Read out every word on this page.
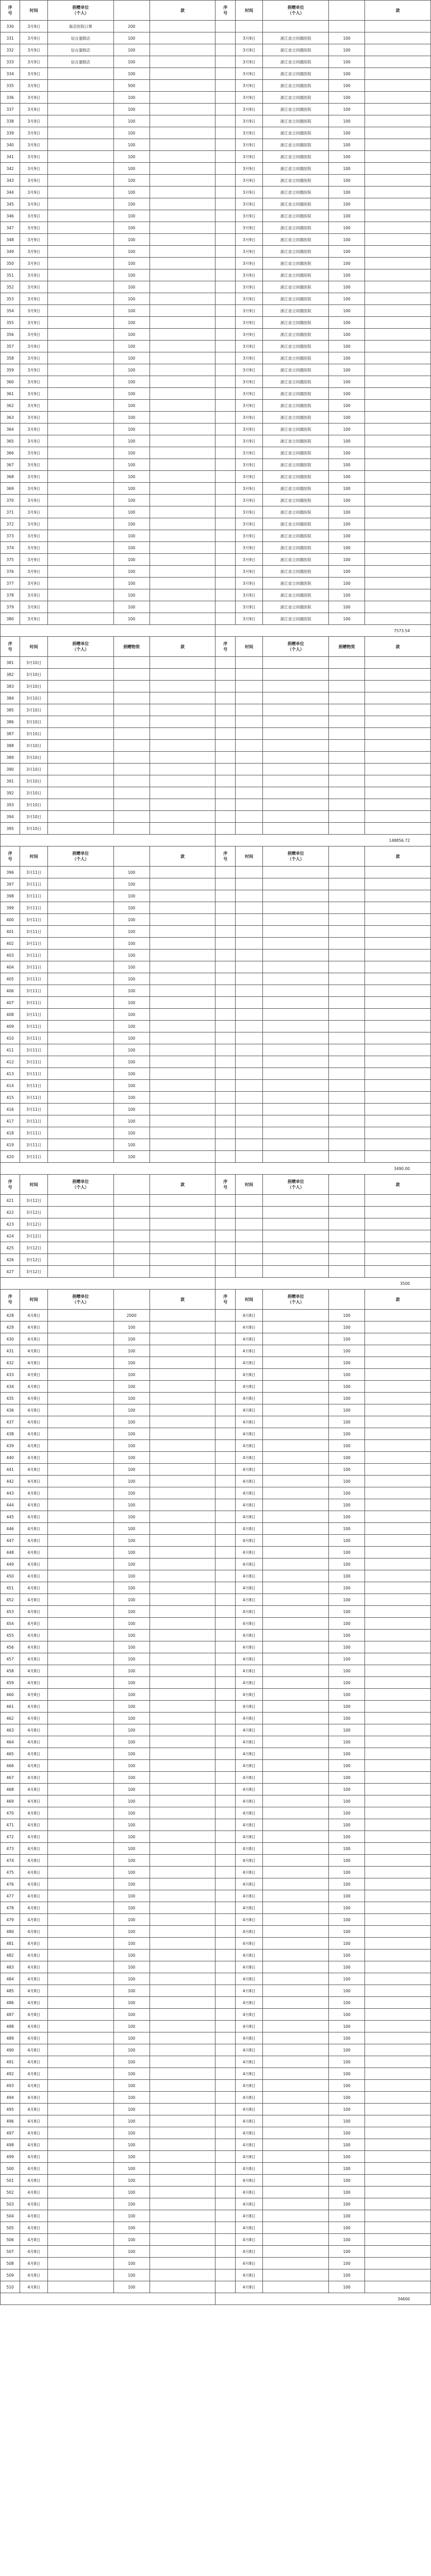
序
号	时间	捐赠单位
（个人）		款	序
号	时间	捐赠单位
（个人）		款
330	3月9日	海京医院口罩	200						
331	3月9日	信言蛋糕店	100			3月9日	浙江省立同德医院	100	
332	3月9日	信言蛋糕店	100			3月9日	浙江省立同德医院	100	
333	3月9日	信言蛋糕店	100			3月9日	浙江省立同德医院	100	
334	3月9日		100			3月9日	浙江省立同德医院	100	
335	3月9日		500			3月9日	浙江省立同德医院	100	
336	3月9日		100			3月9日	浙江省立同德医院	100	
337	3月9日		100			3月9日	浙江省立同德医院	100	
338	3月9日		100			3月9日	浙江省立同德医院	100	
339	3月9日		100			3月9日	浙江省立同德医院	100	
340	3月9日		100			3月9日	浙江省立同德医院	100	
341	3月9日		100			3月9日	浙江省立同德医院	100	
342	3月9日		100			3月9日	浙江省立同德医院	100	
343	3月9日		100			3月9日	浙江省立同德医院	100	
344	3月9日		100			3月9日	浙江省立同德医院	100	
345	3月9日		100			3月9日	浙江省立同德医院	100	
346	3月9日		100			3月9日	浙江省立同德医院	100	
347	3月9日		100			3月9日	浙江省立同德医院	100	
348	3月9日		100			3月9日	浙江省立同德医院	100	
349	3月9日		100			3月9日	浙江省立同德医院	100	
350	3月9日		100			3月9日	浙江省立同德医院	100	
351	3月9日		100			3月9日	浙江省立同德医院	100	
352	3月9日		100			3月9日	浙江省立同德医院	100	
353	3月9日		100			3月9日	浙江省立同德医院	100	
354	3月9日		100			3月9日	浙江省立同德医院	100	
355	3月9日		100			3月9日	浙江省立同德医院	100	
356	3月9日		100			3月9日	浙江省立同德医院	100	
357	3月9日		100			3月9日	浙江省立同德医院	100	
358	3月9日		100			3月9日	浙江省立同德医院	100	
359	3月9日		100			3月9日	浙江省立同德医院	100	
360	3月9日		100			3月9日	浙江省立同德医院	100	
361	3月9日		100			3月9日	浙江省立同德医院	100	
362	3月9日		100			3月9日	浙江省立同德医院	100	
363	3月9日		100			3月9日	浙江省立同德医院	100	
364	3月9日		100			3月9日	浙江省立同德医院	100	
365	3月9日		100			3月9日	浙江省立同德医院	100	
366	3月9日		100			3月9日	浙江省立同德医院	100	
367	3月9日		100			3月9日	浙江省立同德医院	100	
368	3月9日		100			3月9日	浙江省立同德医院	100	
369	3月9日		100			3月9日	浙江省立同德医院	100	
370	3月9日		100			3月9日	浙江省立同德医院	100	
371	3月9日		100			3月9日	浙江省立同德医院	100	
372	3月9日		100			3月9日	浙江省立同德医院	100	
373	3月9日		100			3月9日	浙江省立同德医院	100	
374	3月9日		100			3月9日	浙江省立同德医院	100	
375	3月9日		100			3月9日	浙江省立同德医院	100	
376	3月9日		100			3月9日	浙江省立同德医院	100	
377	3月9日		100			3月9日	浙江省立同德医院	100	
378	3月9日		100			3月9日	浙江省立同德医院	100	
379	3月9日		100			3月9日	浙江省立同德医院	100	
380	3月9日		100			3月9日	浙江省立同德医院	100	
					7573.54				
序
号	时间	捐赠单位
（个人）	捐赠物资	款	序
号	时间	捐赠单位
（个人）	捐赠物资	款
381	3月10日								
382	3月10日								
383	3月10日								
384	3月10日								
385	3月10日								
386	3月10日								
387	3月10日								
388	3月10日								
389	3月10日								
390	3月10日								
391	3月10日								
392	3月10日								
393	3月10日								
394	3月10日								
395	3月10日								
					148856.72				
序
号	时间	捐赠单位
（个人）		款	序
号	时间	捐赠单位
（个人）		款
396	3月11日		100						
397	3月11日		100						
398	3月11日		100						
399	3月11日		100						
400	3月11日		100						
401	3月11日		100						
402	3月11日		100						
403	3月11日		100						
404	3月11日		100						
405	3月11日		100						
406	3月11日		100						
407	3月11日		100						
408	3月11日		100						
409	3月11日		100						
410	3月11日		100						
411	3月11日		100						
412	3月11日		100						
413	3月11日		100						
414	3月11日		100						
415	3月11日		100						
416	3月11日		100						
417	3月11日		100						
418	3月11日		100						
419	3月11日		100						
420	3月11日		100						
					3490.00				
序
号	时间	捐赠单位
（个人）		款	序
号	时间	捐赠单位
（个人）		款
421	3月12日								
422	3月12日								
423	3月12日								
424	3月12日								
425	3月12日								
426	3月12日								
427	3月12日								
					3500				
序
号	时间	捐赠单位
（个人）		款	序
号	时间	捐赠单位
（个人）		款
428	4月8日		2000			4月8日		100	
429	4月8日		100			4月8日		100	
430	4月8日		100			4月8日		100	
431	4月8日		100			4月8日		100	
432	4月8日		100			4月8日		100	
433	4月8日		100			4月8日		100	
434	4月8日		100			4月8日		100	
435	4月8日		100			4月8日		100	
436	4月8日		100			4月8日		100	
437	4月8日		100			4月8日		100	
438	4月8日		100			4月8日		100	
439	4月8日		100			4月8日		100	
440	4月8日		100			4月8日		100	
441	4月8日		100			4月8日		100	
442	4月8日		100			4月8日		100	
443	4月8日		100			4月8日		100	
444	4月8日		100			4月8日		100	
445	4月8日		100			4月8日		100	
446	4月8日		100			4月8日		100	
447	4月8日		100			4月8日		100	
448	4月8日		100			4月8日		100	
449	4月8日		100			4月8日		100	
450	4月8日		100			4月8日		100	
451	4月8日		100			4月8日		100	
452	4月8日		100			4月8日		100	
453	4月8日		100			4月8日		100	
454	4月8日		100			4月8日		100	
455	4月8日		100			4月8日		100	
456	4月8日		100			4月8日		100	
457	4月8日		100			4月8日		100	
458	4月8日		100			4月8日		100	
459	4月8日		100			4月8日		100	
460	4月8日		100			4月8日		100	
461	4月8日		100			4月8日		100	
462	4月8日		100			4月8日		100	
463	4月8日		100			4月8日		100	
464	4月8日		100			4月8日		100	
465	4月8日		100			4月8日		100	
466	4月8日		100			4月8日		100	
467	4月8日		100			4月8日		100	
468	4月8日		100			4月8日		100	
469	4月8日		100			4月8日		100	
470	4月8日		100			4月8日		100	
471	4月8日		100			4月8日		100	
472	4月8日		100			4月8日		100	
473	4月8日		100			4月8日		100	
474	4月8日		100			4月8日		100	
475	4月8日		100			4月8日		100	
476	4月8日		100			4月8日		100	
477	4月8日		100			4月8日		100	
478	4月8日		100			4月8日		100	
479	4月8日		100			4月8日		100	
480	4月8日		100			4月8日		100	
481	4月8日		100			4月8日		100	
482	4月8日		100			4月8日		100	
483	4月8日		100			4月8日		100	
484	4月8日		100			4月8日		100	
485	4月8日		100			4月8日		100	
486	4月8日		100			4月8日		100	
487	4月8日		100			4月8日		100	
488	4月8日		100			4月8日		100	
489	4月8日		100			4月8日		100	
490	4月8日		100			4月8日		100	
491	4月8日		100			4月8日		100	
492	4月8日		100			4月8日		100	
493	4月8日		100			4月8日		100	
494	4月8日		100			4月8日		100	
495	4月8日		100			4月8日		100	
496	4月8日		100			4月8日		100	
497	4月8日		100			4月8日		100	
498	4月8日		100			4月8日		100	
499	4月8日		100			4月8日		100	
500	4月8日		100			4月8日		100	
501	4月8日		100			4月8日		100	
502	4月8日		100			4月8日		100	
503	4月8日		100			4月8日		100	
504	4月8日		100			4月8日		100	
505	4月8日		100			4月8日		100	
506	4月8日		100			4月8日		100	
507	4月8日		100			4月8日		100	
508	4月8日		100			4月8日		100	
509	4月8日		100			4月8日		100	
510	4月8日		100			4月8日		100	
					34600				
